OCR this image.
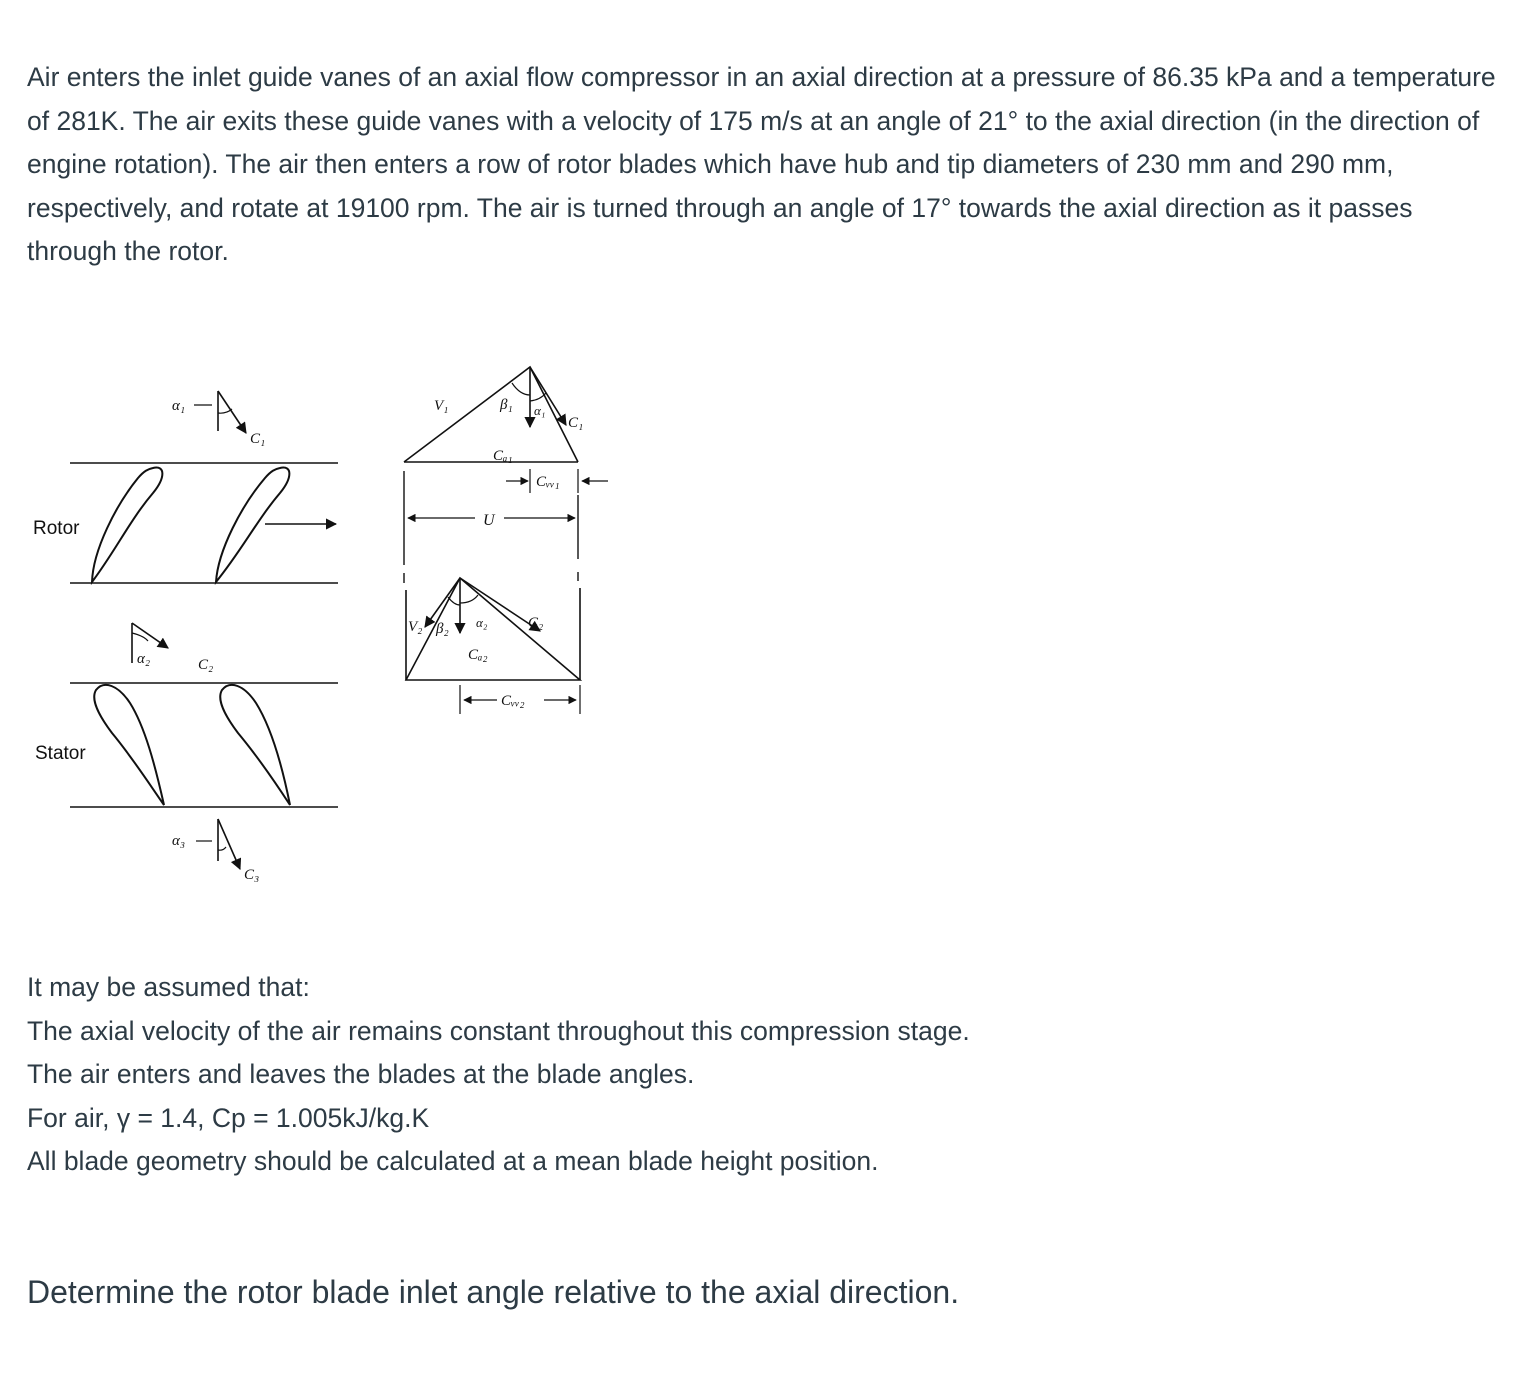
Air enters the inlet guide vanes of an axial flow compressor in an axial direction at a pressure of 86.35 kPa and a temperature of 281K. The air exits these guide vanes with a velocity of 175 m/s at an angle of 21° to the axial direction (in the direction of engine rotation). The air then enters a row of rotor blades which have hub and tip diameters of 230 mm and 290 mm, respectively, and rotate at 19100 rpm. The air is turned through an angle of 17° towards the axial direction as it passes through the rotor.

Rotor
α₁
C₁
α₂	C₂
Stator
α₃
C₃
V₁	β₁ α₁
C₁
Cₐ₁
Cᵥᵥ₁
U
V₂ β₂ α₂	C₂
Cₐ₂
Cᵥᵥ₂
It may be assumed that:
The axial velocity of the air remains constant throughout this compression stage.
The air enters and leaves the blades at the blade angles.
For air, γ = 1.4, Cp = 1.005kJ/kg.K
All blade geometry should be calculated at a mean blade height position.

Determine the rotor blade inlet angle relative to the axial direction.
